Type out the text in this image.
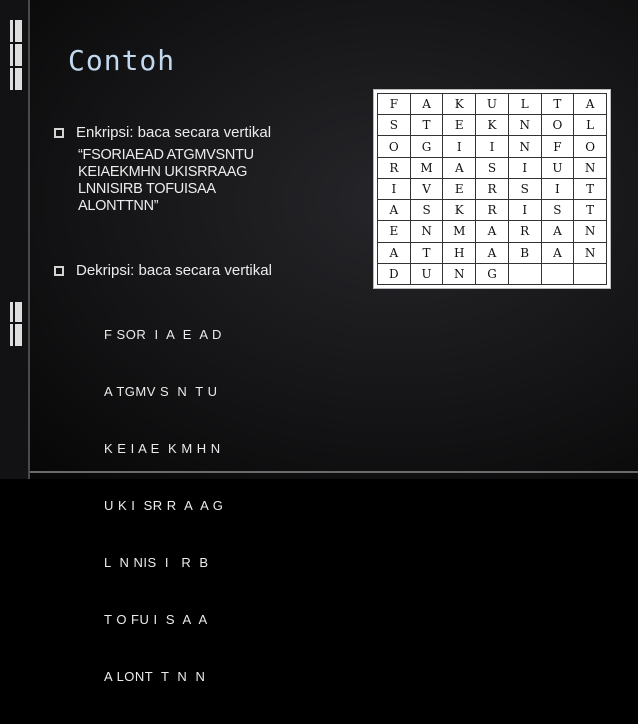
Contoh
Enkripsi: baca secara vertikal
“FSORIAEAD ATGMVSNTU
KEIAEKMHN UKISRRAAG
LNNISIRB TOFUISAA
ALONTTNN”
Dekripsi: baca secara vertikal

F SOR  I  A  E  A D

A TGMV S  N  T U

K E I A E  K M H N

U K I  SR R  A  A G

L  N NIS  I   R  B

T O FU I  S  A  A

A LONT  T  N  N

F	A	K	U	L	T	A
S	T	E	K	N	O	L
O	G	I	I	N	F	O
R	M	A	S	I	U	N
I	V	E	R	S	I	T
A	S	K	R	I	S	T
E	N	M	A	R	A	N
A	T	H	A	B	A	N
D	U	N	G
